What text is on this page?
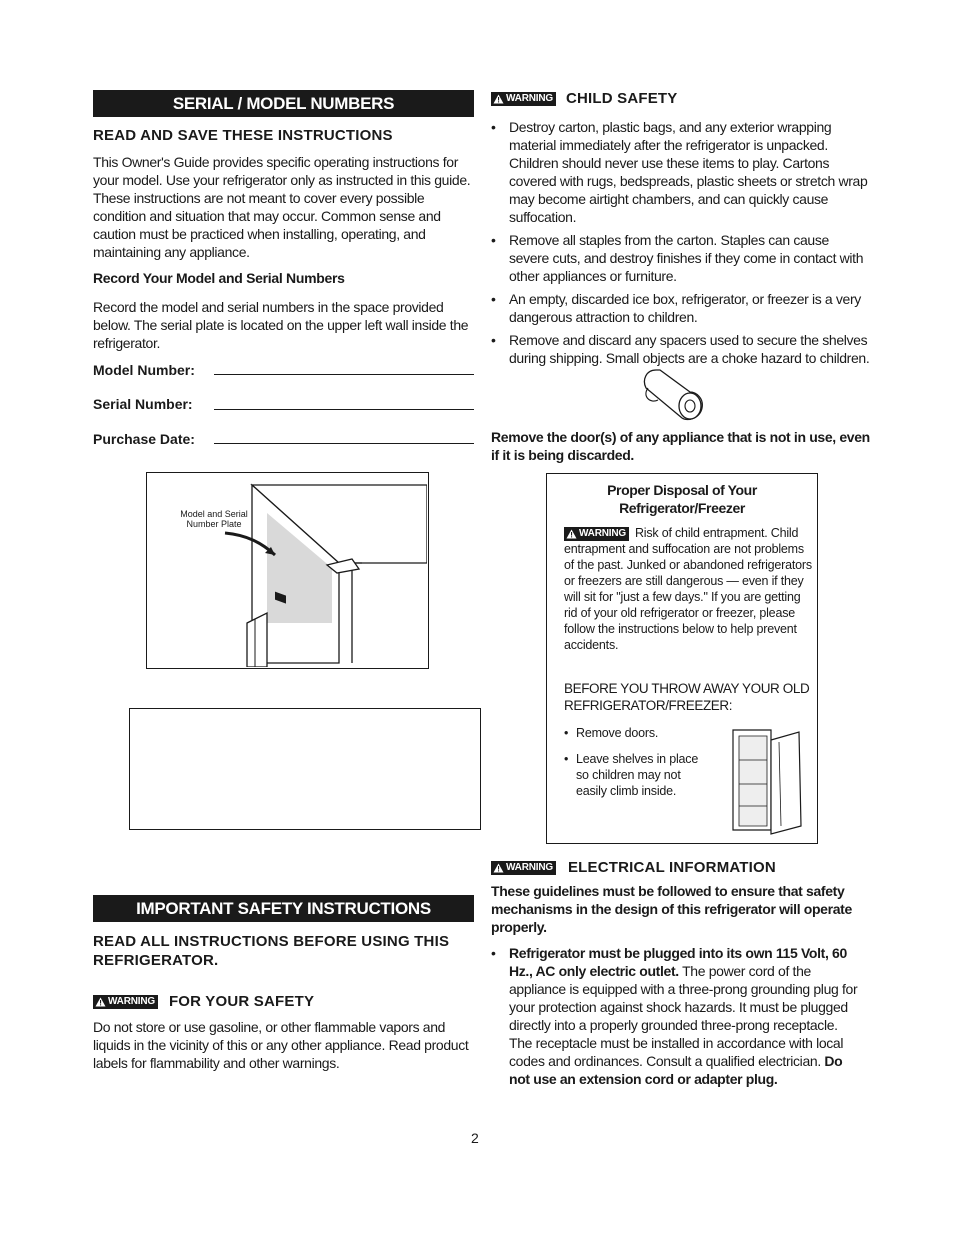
SERIAL / MODEL NUMBERS
READ AND SAVE THESE INSTRUCTIONS
This Owner's Guide provides specific operating instructions for your model. Use your refrigerator only as instructed in this guide. These instructions are not meant to cover every possible condition and situation that may occur. Common sense and caution must be practiced when installing, operating, and maintaining any appliance.
Record Your Model and Serial Numbers
Record the model and serial numbers in the space provided below. The serial plate is located on the upper left wall inside the refrigerator.
Model Number:
Serial Number:
Purchase Date:
Model and Serial Number Plate
IMPORTANT SAFETY INSTRUCTIONS
READ ALL INSTRUCTIONS BEFORE USING THIS REFRIGERATOR.
WARNING FOR YOUR SAFETY
Do not store or use gasoline, or other flammable vapors and liquids in the vicinity of this or any other appliance. Read product labels for flammability and other warnings.
WARNING CHILD SAFETY
• Destroy carton, plastic bags, and any exterior wrapping material immediately after the refrigerator is unpacked. Children should never use these items to play. Cartons covered with rugs, bedspreads, plastic sheets or stretch wrap may become airtight chambers, and can quickly cause suffocation.
• Remove all staples from the carton. Staples can cause severe cuts, and destroy finishes if they come in contact with other appliances or furniture.
• An empty, discarded ice box, refrigerator, or freezer is a very dangerous attraction to children.
• Remove and discard any spacers used to secure the shelves during shipping. Small objects are a choke hazard to children.
Remove the door(s) of any appliance that is not in use, even if it is being discarded.
Proper Disposal of Your
Refrigerator/Freezer
WARNING Risk of child entrapment. Child entrapment and suffocation are not problems of the past. Junked or abandoned refrigerators or freezers are still dangerous — even if they will sit for "just a few days." If you are getting rid of your old refrigerator or freezer, please follow the instructions below to help prevent accidents.
BEFORE YOU THROW AWAY YOUR OLD REFRIGERATOR/FREEZER:
• Remove doors.
• Leave shelves in place so children may not easily climb inside.
WARNING ELECTRICAL INFORMATION
These guidelines must be followed to ensure that safety mechanisms in the design of this refrigerator will operate properly.
• Refrigerator must be plugged into its own 115 Volt, 60 Hz., AC only electric outlet. The power cord of the appliance is equipped with a three-prong grounding plug for your protection against shock hazards. It must be plugged directly into a properly grounded three-prong receptacle. The receptacle must be installed in accordance with local codes and ordinances. Consult a qualified electrician. Do not use an extension cord or adapter plug.
2
